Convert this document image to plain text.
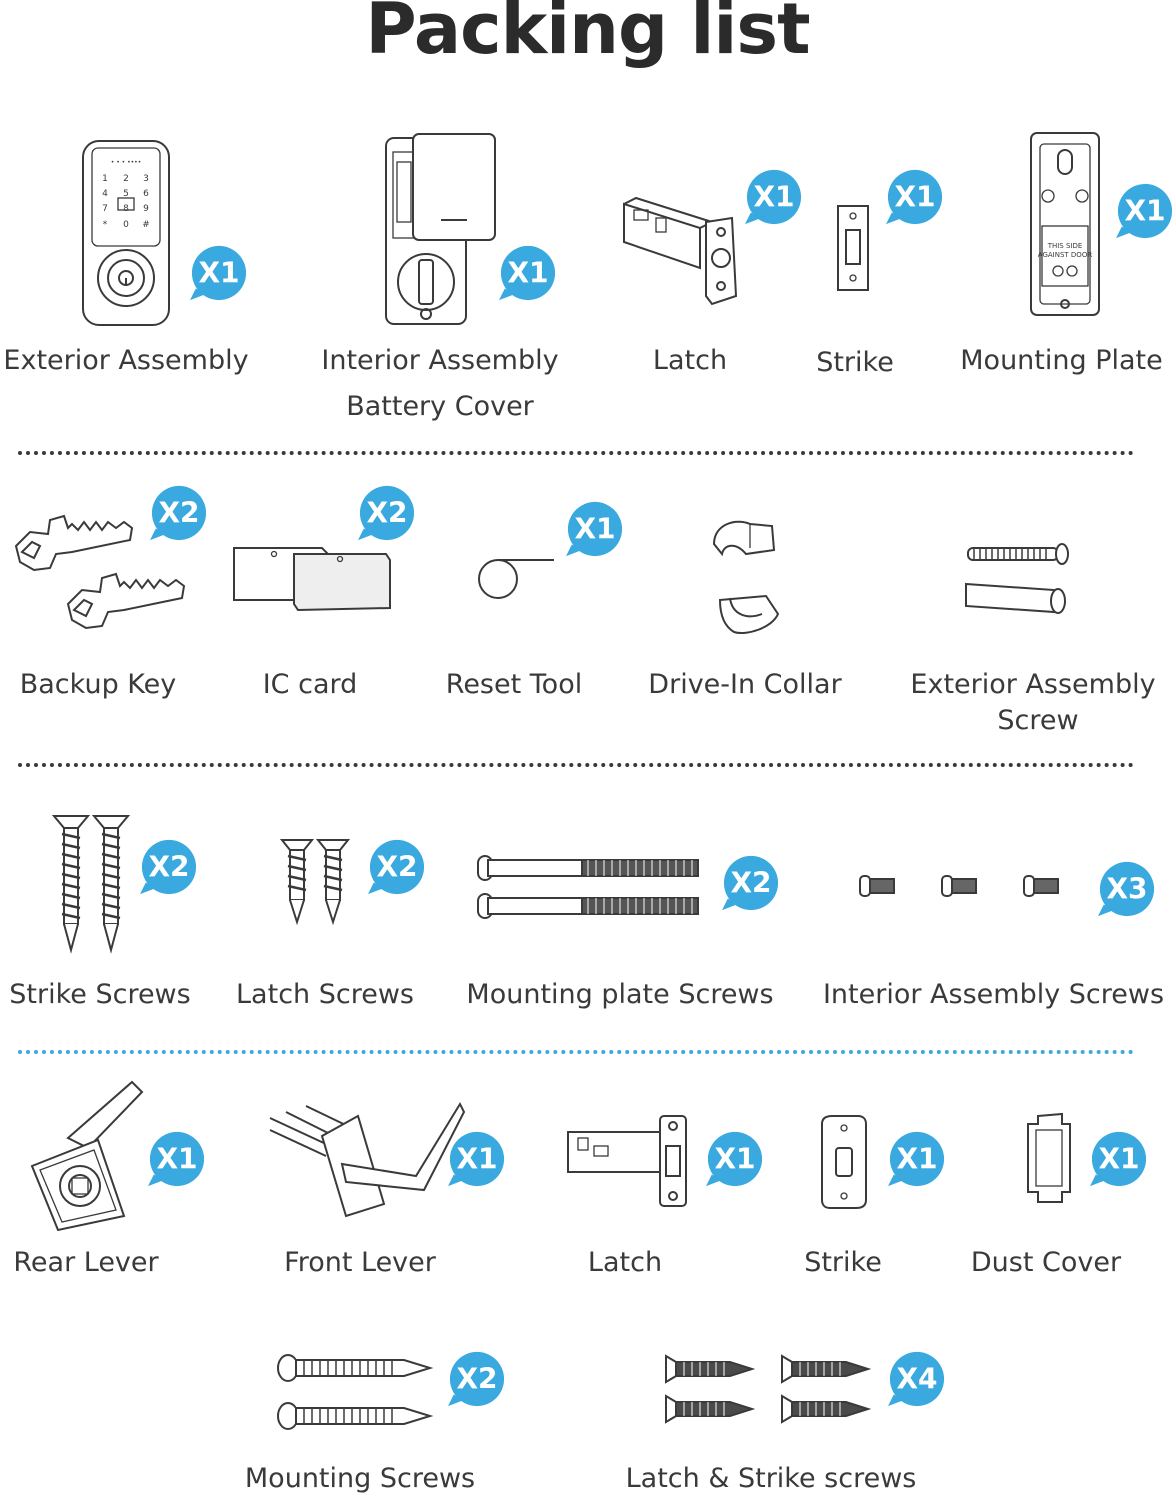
Packing list
• • • ••••
1 2 3
4 5 6
7 8 9
* 0 #
X1
Exterior Assembly
X1
Interior Assembly
Battery Cover
X1
Latch
X1
Strike
THIS SIDE
AGAINST DOOR
X1
Mounting Plate
X2
Backup Key
X2
IC card
X1
Reset Tool	Drive-In Collar	Exterior Assembly
Screw
X2
Strike Screws
X2
Latch Screws
X2
Mounting plate Screws
X3
Interior Assembly Screws
X1
Rear Lever
X1
Front Lever
X1
Latch
X1
Strike
X1
Dust Cover
X2
Mounting Screws
X4
Latch & Strike screws
